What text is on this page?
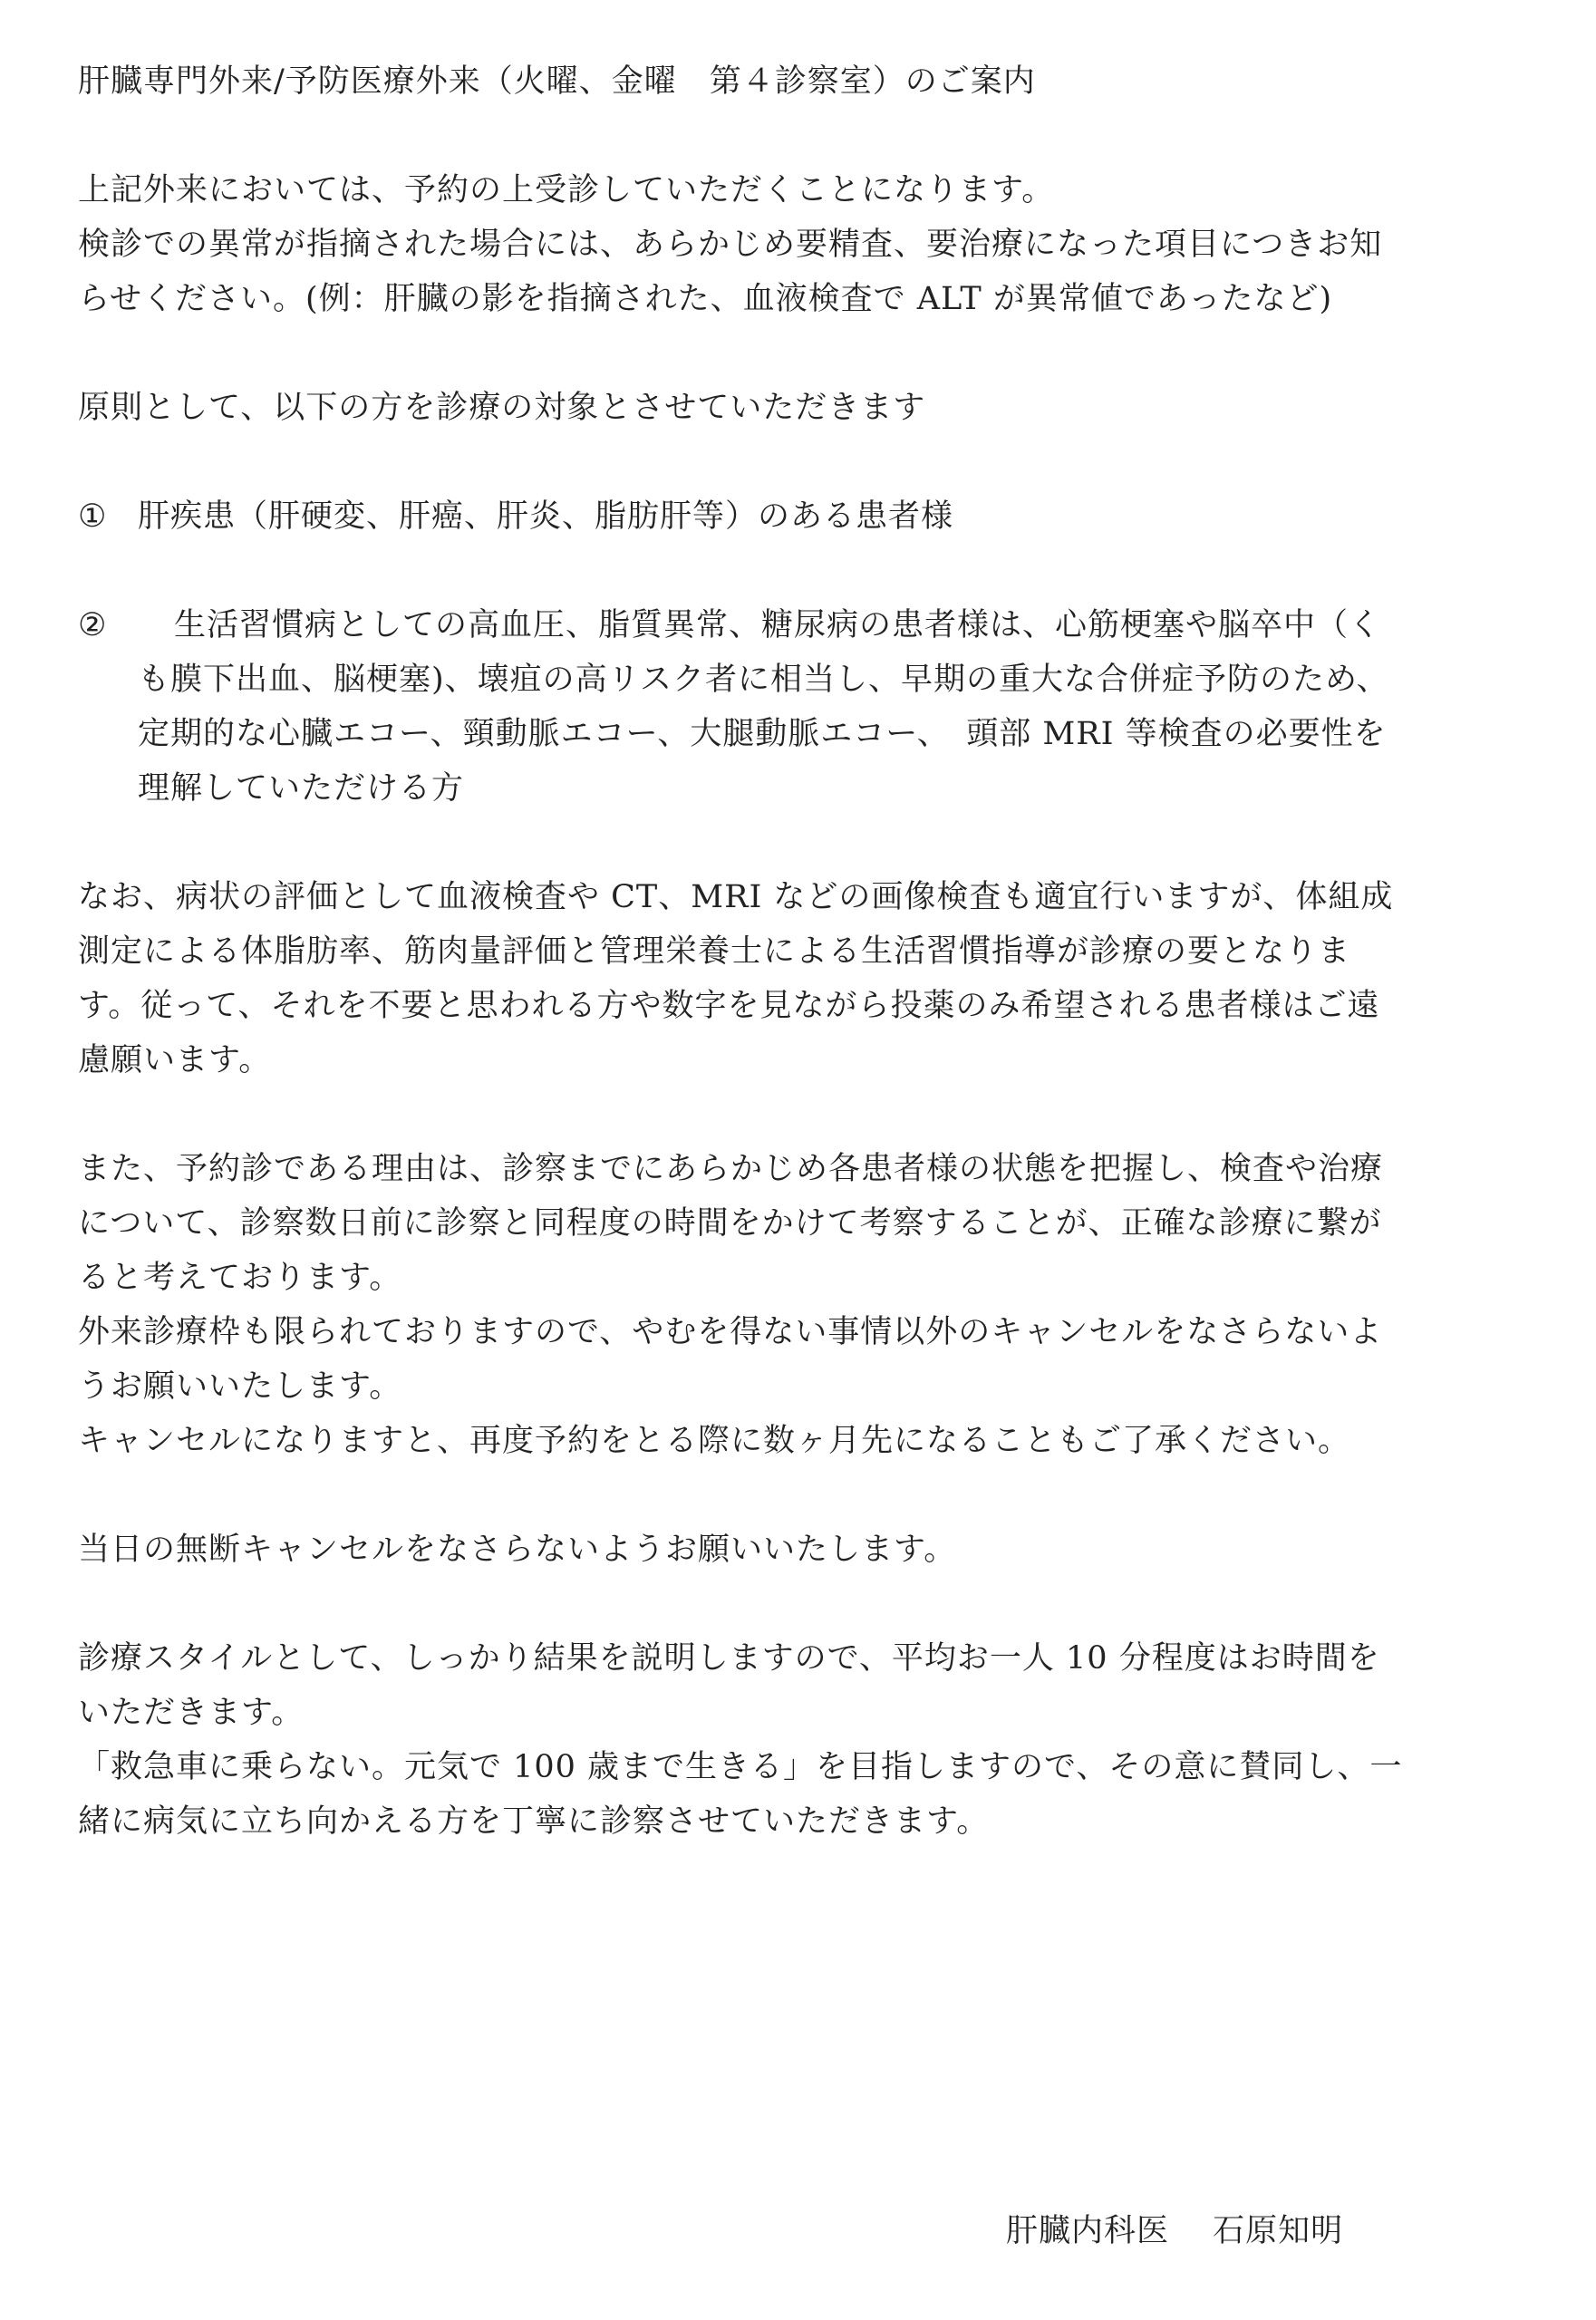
肝臓専門外来/予防医療外来（火曜、金曜　第４診察室）のご案内
上記外来においては、予約の上受診していただくことになります。
検診での異常が指摘された場合には、あらかじめ要精査、要治療になった項目につきお知
らせください。(例：肝臓の影を指摘された、血液検査で ALT が異常値であったなど)
原則として、以下の方を診療の対象とさせていただきます
① 肝疾患（肝硬変、肝癌、肝炎、脂肪肝等）のある患者様
②	生活習慣病としての高血圧、脂質異常、糖尿病の患者様は、心筋梗塞や脳卒中（く
も膜下出血、脳梗塞)、壊疽の高リスク者に相当し、早期の重大な合併症予防のため、
定期的な心臓エコー、頸動脈エコー、大腿動脈エコー、　頭部 MRI 等検査の必要性を
理解していただける方
なお、病状の評価として血液検査や CT、MRI などの画像検査も適宜行いますが、体組成
測定による体脂肪率、筋肉量評価と管理栄養士による生活習慣指導が診療の要となりま
す。従って、それを不要と思われる方や数字を見ながら投薬のみ希望される患者様はご遠
慮願います。
また、予約診である理由は、診察までにあらかじめ各患者様の状態を把握し、検査や治療
について、診察数日前に診察と同程度の時間をかけて考察することが、正確な診療に繋が
ると考えております。
外来診療枠も限られておりますので、やむを得ない事情以外のキャンセルをなさらないよ
うお願いいたします。
キャンセルになりますと、再度予約をとる際に数ヶ月先になることもご了承ください。
当日の無断キャンセルをなさらないようお願いいたします。
診療スタイルとして、しっかり結果を説明しますので、平均お一人 10 分程度はお時間を
いただきます。
「救急車に乗らない。元気で 100 歳まで生きる」を目指しますので、その意に賛同し、一
緒に病気に立ち向かえる方を丁寧に診察させていただきます。
肝臓内科医　 石原知明
